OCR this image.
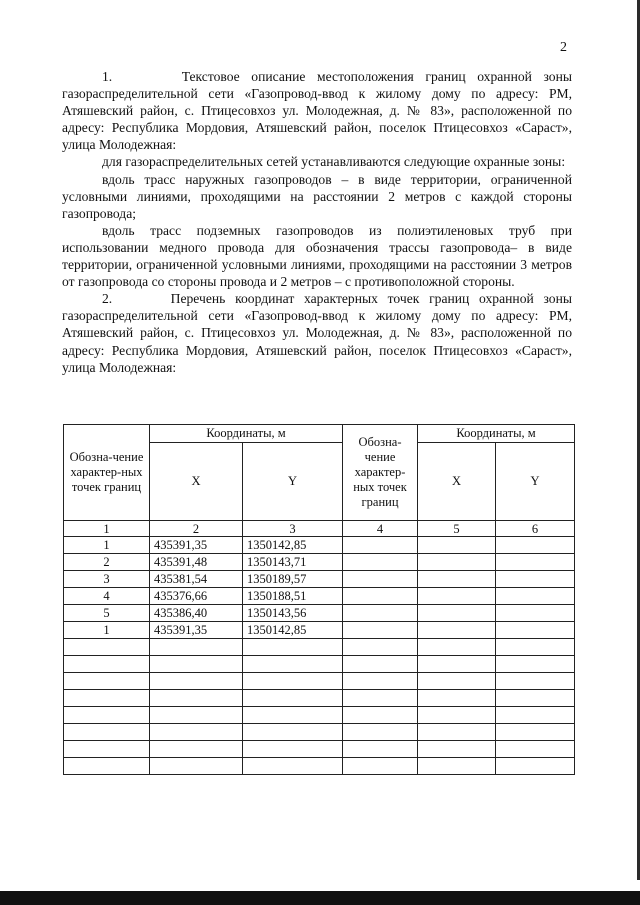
2

1.      Текстовое описание местоположения границ охранной зоны газораспределительной сети «Газопровод-ввод к жилому дому по адресу: РМ, Атяшевский район, с. Птицесовхоз ул. Молодежная, д. № 83», расположенной по адресу: Республика Мордовия, Атяшевский район, поселок Птицесовхоз «Сараст», улица Молодежная:

для газораспределительных сетей устанавливаются следующие охранные зоны:

вдоль трасс наружных газопроводов – в виде территории, ограниченной условными линиями, проходящими на расстоянии 2 метров с каждой стороны газопровода;

вдоль трасс подземных газопроводов из полиэтиленовых труб при использовании медного провода для обозначения трассы газопровода– в виде территории, ограниченной условными линиями, проходящими на расстоянии 3 метров от газопровода со стороны провода и 2 метров – с противоположной стороны.

2.      Перечень координат характерных точек границ охранной зоны газораспределительной сети «Газопровод-ввод к жилому дому по адресу: РМ, Атяшевский район, с. Птицесовхоз ул. Молодежная, д. № 83», расположенной по адресу: Республика Мордовия, Атяшевский район, поселок Птицесовхоз «Сараст», улица Молодежная:

Обозна-чение характер-ных точек границ	Координаты, м		Обозна-чение характер-ных точек границ	Координаты, м	
	X	Y		X	Y
1	2	3	4	5	6
1	435391,35	1350142,85			
2	435391,48	1350143,71			
3	435381,54	1350189,57			
4	435376,66	1350188,51			
5	435386,40	1350143,56			
1	435391,35	1350142,85			
